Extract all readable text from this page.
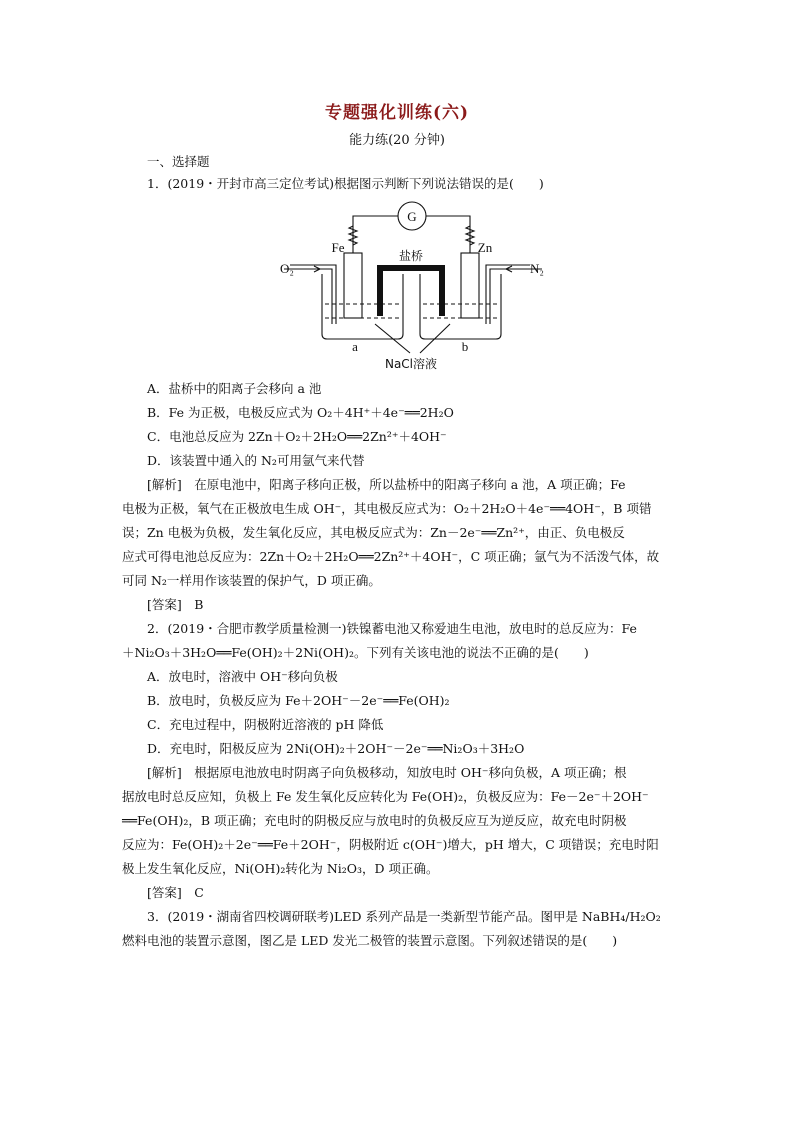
专题强化训练(六)
能力练(20 分钟)
一、选择题
1．(2019・开封市高三定位考试)根据图示判断下列说法错误的是(　　)
G
Fe	Zn
盐桥
O₂	N₂
a	b
NaCl溶液
A．盐桥中的阳离子会移向 a 池
B．Fe 为正极，电极反应式为 O₂＋4H⁺＋4e⁻══2H₂O
C．电池总反应为 2Zn＋O₂＋2H₂O══2Zn²⁺＋4OH⁻
D．该装置中通入的 N₂可用氩气来代替
[解析]　在原电池中，阳离子移向正极，所以盐桥中的阳离子移向 a 池，A 项正确；Fe
电极为正极，氧气在正极放电生成 OH⁻，其电极反应式为：O₂＋2H₂O＋4e⁻══4OH⁻，B 项错
误；Zn 电极为负极，发生氧化反应，其电极反应式为：Zn－2e⁻══Zn²⁺，由正、负电极反
应式可得电池总反应为：2Zn＋O₂＋2H₂O══2Zn²⁺＋4OH⁻，C 项正确；氩气为不活泼气体，故
可同 N₂一样用作该装置的保护气，D 项正确。
[答案]　B
2．(2019・合肥市教学质量检测一)铁镍蓄电池又称爱迪生电池，放电时的总反应为：Fe
＋Ni₂O₃＋3H₂O══Fe(OH)₂＋2Ni(OH)₂。下列有关该电池的说法不正确的是(　　)
A．放电时，溶液中 OH⁻移向负极
B．放电时，负极反应为 Fe＋2OH⁻－2e⁻══Fe(OH)₂
C．充电过程中，阴极附近溶液的 pH 降低
D．充电时，阳极反应为 2Ni(OH)₂＋2OH⁻－2e⁻══Ni₂O₃＋3H₂O
[解析]　根据原电池放电时阴离子向负极移动，知放电时 OH⁻移向负极，A 项正确；根
据放电时总反应知，负极上 Fe 发生氧化反应转化为 Fe(OH)₂，负极反应为：Fe－2e⁻＋2OH⁻
══Fe(OH)₂，B 项正确；充电时的阴极反应与放电时的负极反应互为逆反应，故充电时阴极
反应为：Fe(OH)₂＋2e⁻══Fe＋2OH⁻，阴极附近 c(OH⁻)增大，pH 增大，C 项错误；充电时阳
极上发生氧化反应，Ni(OH)₂转化为 Ni₂O₃，D 项正确。
[答案]　C
3．(2019・湖南省四校调研联考)LED 系列产品是一类新型节能产品。图甲是 NaBH₄/H₂O₂
燃料电池的装置示意图，图乙是 LED 发光二极管的装置示意图。下列叙述错误的是(　　)
